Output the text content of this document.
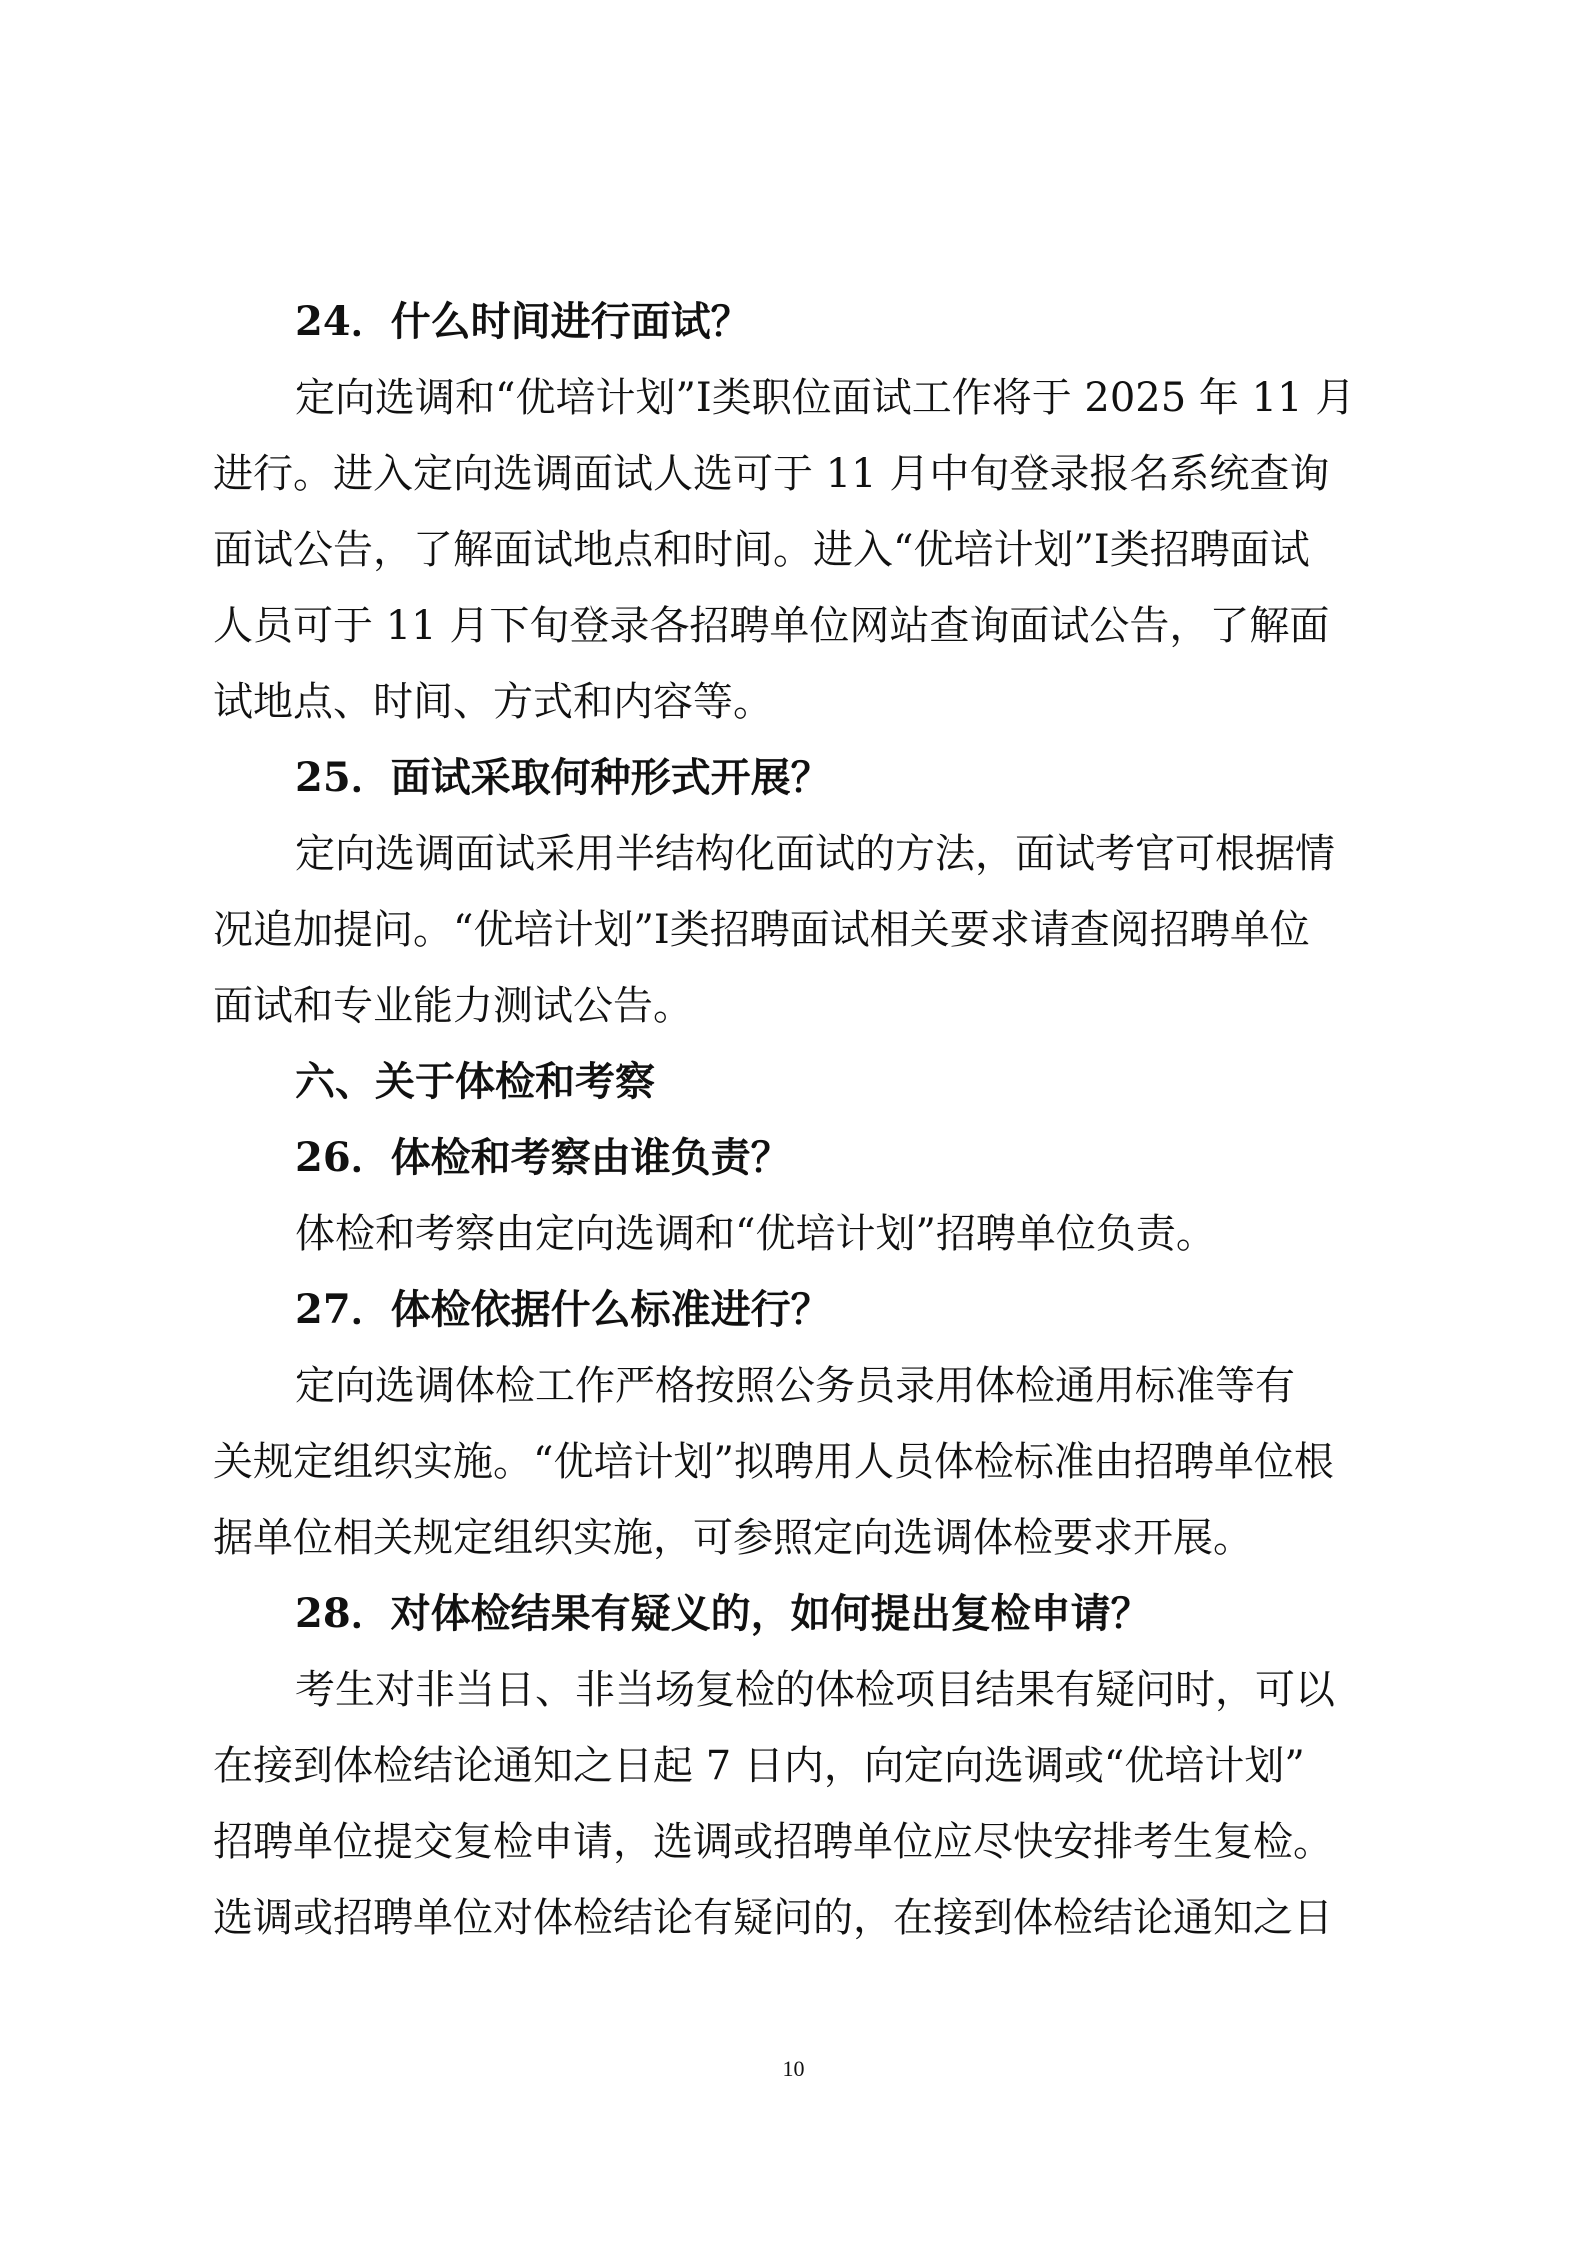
24．什么时间进行面试？
定向选调和“优培计划”I类职位面试工作将于 2025 年 11 月
进行。进入定向选调面试人选可于 11 月中旬登录报名系统查询
面试公告，了解面试地点和时间。进入“优培计划”I类招聘面试
人员可于 11 月下旬登录各招聘单位网站查询面试公告，了解面
试地点、时间、方式和内容等。
25．面试采取何种形式开展？
定向选调面试采用半结构化面试的方法，面试考官可根据情
况追加提问。“优培计划”I类招聘面试相关要求请查阅招聘单位
面试和专业能力测试公告。
六、关于体检和考察
26．体检和考察由谁负责？
体检和考察由定向选调和“优培计划”招聘单位负责。
27．体检依据什么标准进行？
定向选调体检工作严格按照公务员录用体检通用标准等有
关规定组织实施。“优培计划”拟聘用人员体检标准由招聘单位根
据单位相关规定组织实施，可参照定向选调体检要求开展。
28．对体检结果有疑义的，如何提出复检申请？
考生对非当日、非当场复检的体检项目结果有疑问时，可以
在接到体检结论通知之日起 7 日内，向定向选调或“优培计划”
招聘单位提交复检申请，选调或招聘单位应尽快安排考生复检。
选调或招聘单位对体检结论有疑问的，在接到体检结论通知之日
10
